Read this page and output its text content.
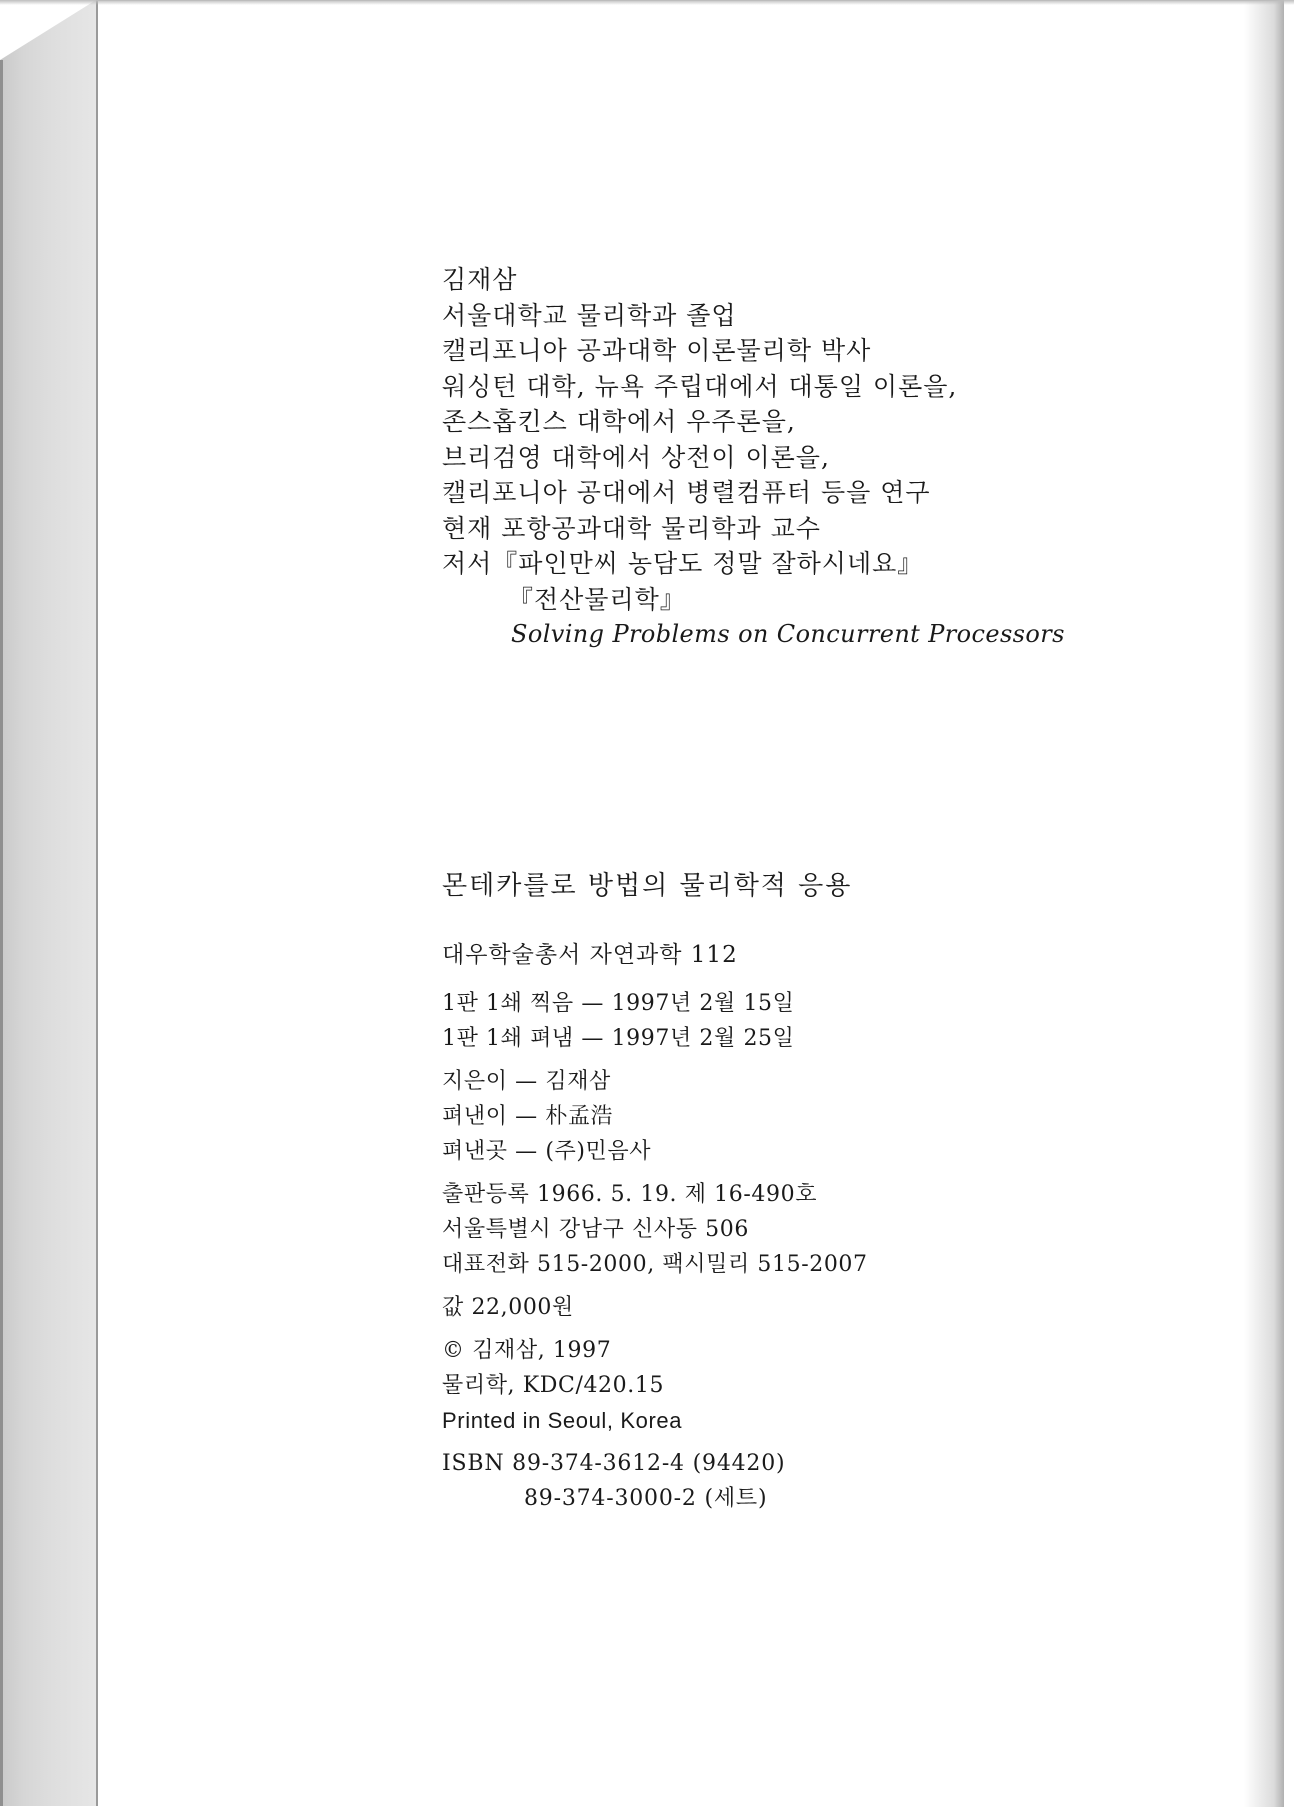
김재삼
서울대학교 물리학과 졸업
캘리포니아 공과대학 이론물리학 박사
워싱턴 대학, 뉴욕 주립대에서 대통일 이론을,
존스홉킨스 대학에서 우주론을,
브리검영 대학에서 상전이 이론을,
캘리포니아 공대에서 병렬컴퓨터 등을 연구
현재 포항공과대학 물리학과 교수
저서『파인만씨 농담도 정말 잘하시네요』
『전산물리학』
Solving Problems on Concurrent Processors
몬테카를로 방법의 물리학적 응용
대우학술총서 자연과학 112
1판 1쇄 찍음 — 1997년 2월 15일
1판 1쇄 펴냄 — 1997년 2월 25일
지은이 — 김재삼
펴낸이 — 朴孟浩
펴낸곳 — (주)민음사
출판등록 1966. 5. 19. 제 16-490호
서울특별시 강남구 신사동 506
대표전화 515-2000, 팩시밀리 515-2007
값 22,000원
© 김재삼, 1997
물리학, KDC/420.15
Printed in Seoul, Korea
ISBN 89-374-3612-4 (94420)
89-374-3000-2 (세트)
